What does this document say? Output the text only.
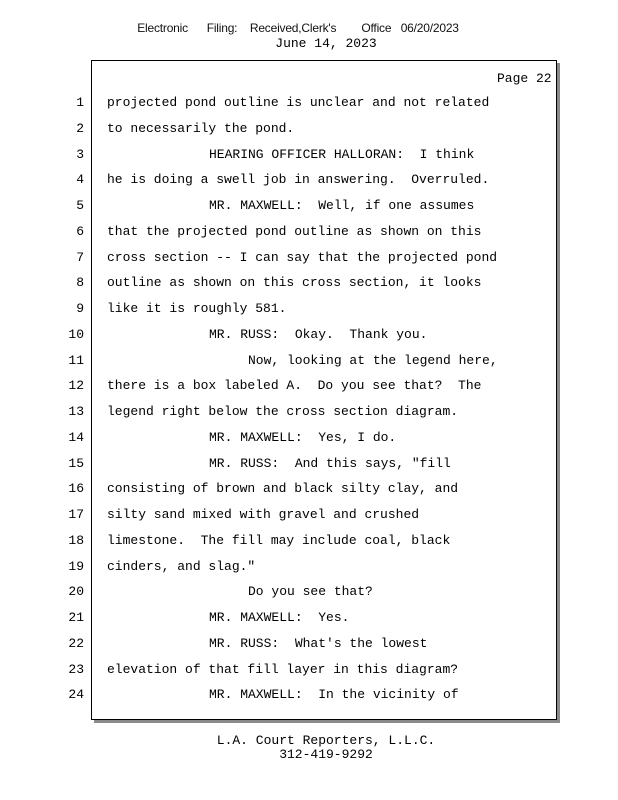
Electronic      Filing:    Received,Clerk's        Office   06/20/2023
June 14, 2023
Page 22
1 projected pond outline is unclear and not related
2 to necessarily the pond.
3	HEARING OFFICER HALLORAN:  I think
4 he is doing a swell job in answering.  Overruled.
5	MR. MAXWELL:  Well, if one assumes
6 that the projected pond outline as shown on this
7 cross section -- I can say that the projected pond
8 outline as shown on this cross section, it looks
9 like it is roughly 581.
10	MR. RUSS:  Okay.  Thank you.
11	Now, looking at the legend here,
12 there is a box labeled A.  Do you see that?  The
13 legend right below the cross section diagram.
14	MR. MAXWELL:  Yes, I do.
15	MR. RUSS:  And this says, "fill
16 consisting of brown and black silty clay, and
17 silty sand mixed with gravel and crushed
18 limestone.  The fill may include coal, black
19 cinders, and slag."
20	Do you see that?
21	MR. MAXWELL:  Yes.
22	MR. RUSS:  What's the lowest
23 elevation of that fill layer in this diagram?
24	MR. MAXWELL:  In the vicinity of
L.A. Court Reporters, L.L.C.
312-419-9292
